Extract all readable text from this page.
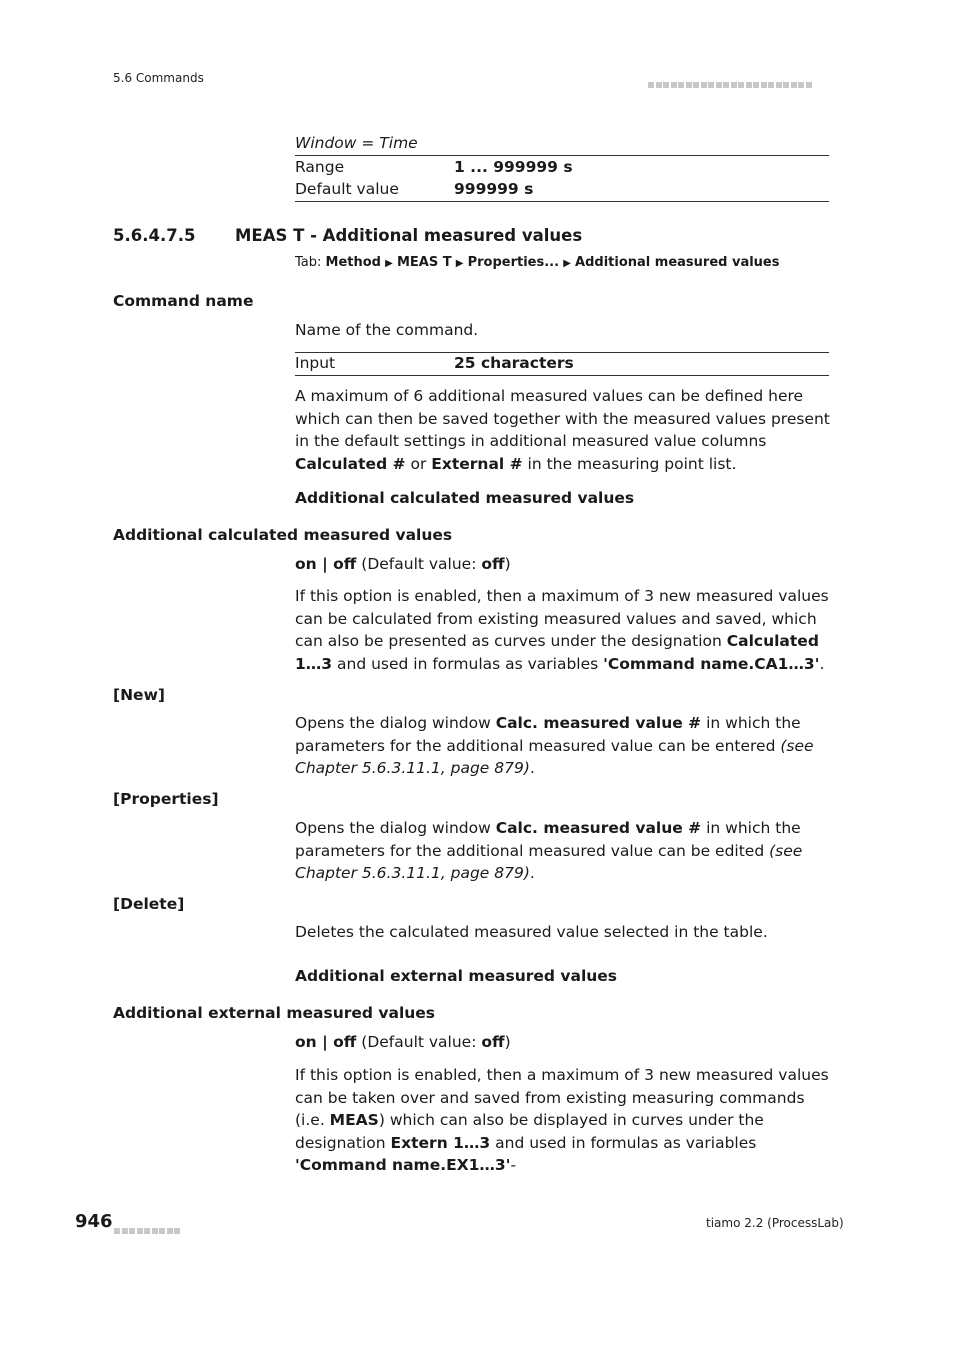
5.6 Commands
Window = Time
Range	1 ... 999999 s
Default value	999999 s
5.6.4.7.5 MEAS T - Additional measured values
Tab: Method ▶ MEAS T ▶ Properties... ▶ Additional measured values
Command name
Name of the command.
Input	25 characters
A maximum of 6 additional measured values can be defined here which can then be saved together with the measured values present in the default settings in additional measured value columns Calculated # or External # in the measuring point list.
Additional calculated measured values
Additional calculated measured values
on | off (Default value: off)
If this option is enabled, then a maximum of 3 new measured values can be calculated from existing measured values and saved, which can also be presented as curves under the designation Calculated 1…3 and used in formulas as variables 'Command name.CA1…3'.
[New]
Opens the dialog window Calc. measured value # in which the parameters for the additional measured value can be entered (see Chapter 5.6.3.11.1, page 879).
[Properties]
Opens the dialog window Calc. measured value # in which the parameters for the additional measured value can be edited (see Chapter 5.6.3.11.1, page 879).
[Delete]
Deletes the calculated measured value selected in the table.
Additional external measured values
Additional external measured values
on | off (Default value: off)
If this option is enabled, then a maximum of 3 new measured values can be taken over and saved from existing measuring commands (i.e. MEAS) which can also be displayed in curves under the designation Extern 1…3 and used in formulas as variables 'Command name.EX1…3'-
946	tiamo 2.2 (ProcessLab)
